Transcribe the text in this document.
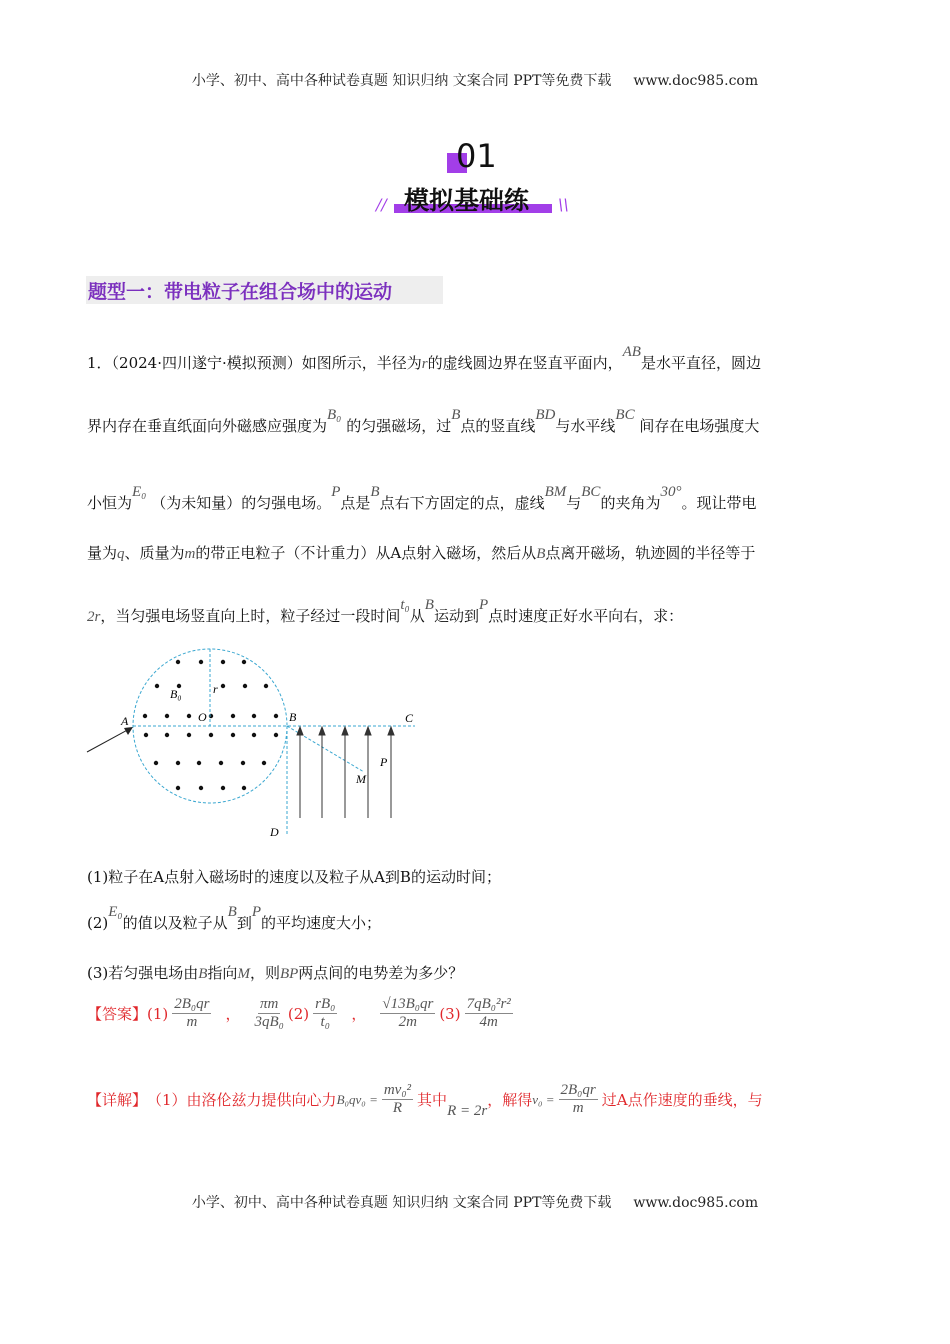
小学、初中、高中各种试卷真题 知识归纳 文案合同 PPT等免费下载 www.doc985.com
01
模拟基础练
//	\\
题型一：带电粒子在组合场中的运动
1．（2024·四川遂宁·模拟预测）如图所示，半径为r的虚线圆边界在竖直平面内，AB是水平直径，圆边
界内存在垂直纸面向外磁感应强度为B₀ 的匀强磁场，过B点的竖直线BD与水平线BC 间存在电场强度大
小恒为E₀ （为未知量）的匀强电场。P点是B点右下方固定的点，虚线BM与BC的夹角为30°。现让带电
量为q、质量为m的带正电粒子（不计重力）从A点射入磁场，然后从B点离开磁场，轨迹圆的半径等于
2r，当匀强电场竖直向上时，粒子经过一段时间t₀从B运动到P点时速度正好水平向右，求：
A	B	C
D
O
M
P
r
B₀
(1)粒子在A点射入磁场时的速度以及粒子从A到B的运动时间；
(2)E₀的值以及粒子从B到P的平均速度大小；
(3)若匀强电场由B指向M，则BP两点间的电势差为多少？
【答案】 $(1) \frac{\text{2B₀qr}}{m}$ ， $\frac{\pi m}{\text{3qB₀}} (2) \frac{\text{rB₀}}{\text{t₀}}$ ， $\frac{\text{√13B₀qr}}{2m} (3) \frac{\text{7qB₀²r²}}{4m}$
【详解】 （1）由洛伦兹力提供向心力 $B_0qv_0 = \frac{\text{mv₀²}}{R}$ 其中
R = 2r
，解得 $v_0 = \frac{\text{2B₀qr}}{m}$ 过A点作速度的垂线，与
小学、初中、高中各种试卷真题 知识归纳 文案合同 PPT等免费下载 www.doc985.com
